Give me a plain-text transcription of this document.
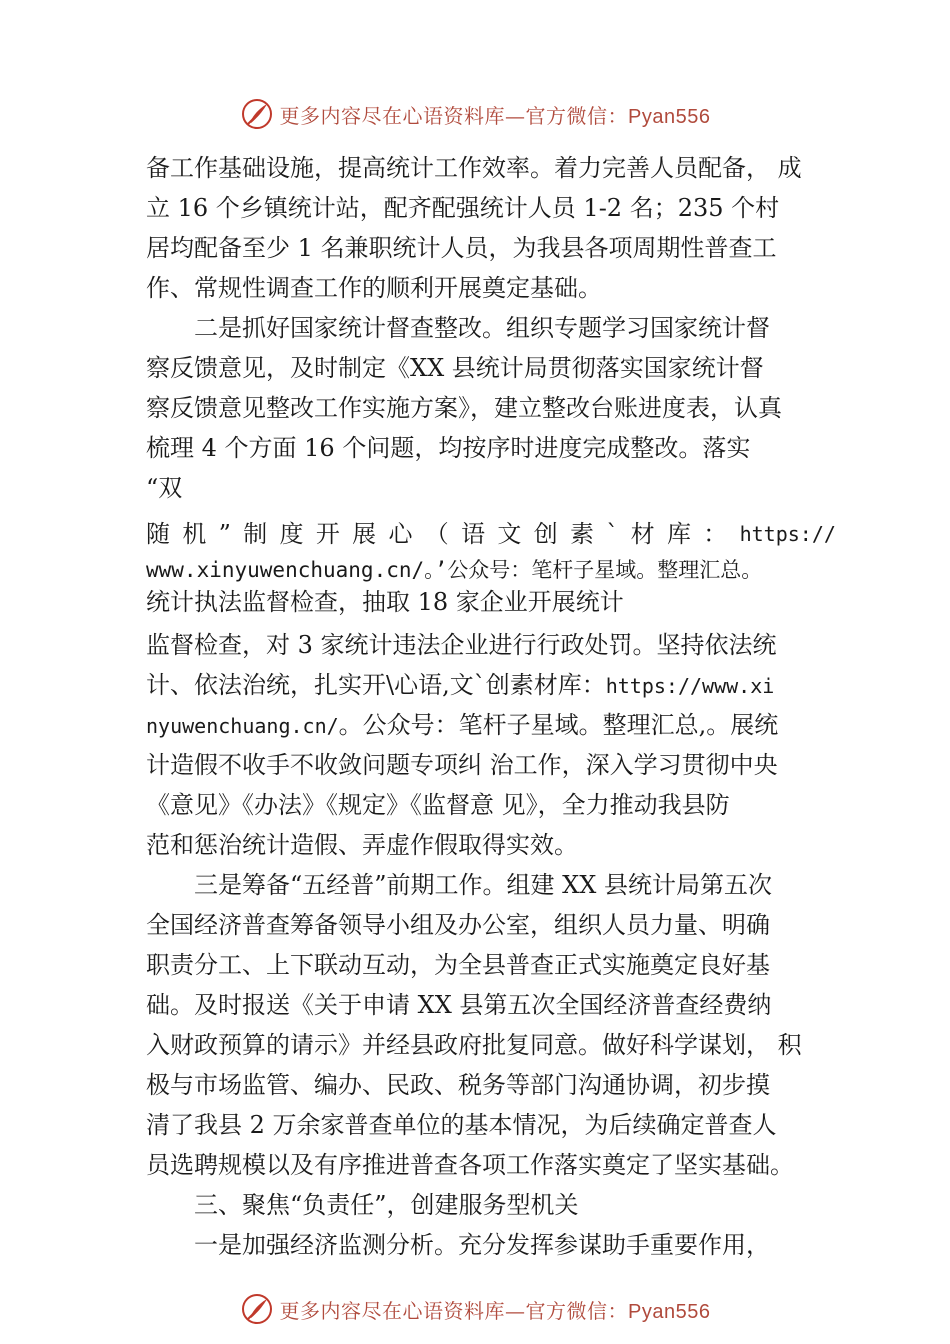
更多内容尽在心语资料库—官方微信：Pyan556
备工作基础设施，提高统计工作效率。着力完善人员配备， 成
立 16 个乡镇统计站，配齐配强统计人员 1-2 名；235 个村
居均配备至少 1 名兼职统计人员，为我县各项周期性普查工
作、常规性调查工作的顺利开展奠定基础。
二是抓好国家统计督查整改。组织专题学习国家统计督
察反馈意见，及时制定《XX 县统计局贯彻落实国家统计督
察反馈意见整改工作实施方案》，建立整改台账进度表，认真
梳理 4 个方面 16 个问题，均按序时进度完成整改。落实
“双
随 机 ” 制 度 开 展 心 （ 语 文 创 素 ` 材 库 ： https://
www.xinyuwenchuang.cn/。’公众号：笔杆子星域。整理汇总。
统计执法监督检查，抽取 18 家企业开展统计
监督检查，对 3 家统计违法企业进行行政处罚。坚持依法统
计、依法治统，扎实开\心语,文`创素材库：https://www.xi
nyuwenchuang.cn/。公众号：笔杆子星域。整理汇总,。展统
计造假不收手不收敛问题专项纠 治工作，深入学习贯彻中央
《意见》《办法》《规定》《监督意 见》，全力推动我县防
范和惩治统计造假、弄虚作假取得实效。
三是筹备“五经普”前期工作。组建 XX 县统计局第五次
全国经济普查筹备领导小组及办公室，组织人员力量、明确
职责分工、上下联动互动，为全县普查正式实施奠定良好基
础。及时报送《关于申请 XX 县第五次全国经济普查经费纳
入财政预算的请示》并经县政府批复同意。做好科学谋划， 积
极与市场监管、编办、民政、税务等部门沟通协调，初步摸
清了我县 2 万余家普查单位的基本情况，为后续确定普查人
员选聘规模以及有序推进普查各项工作落实奠定了坚实基础。
三、聚焦“负责任”，创建服务型机关
一是加强经济监测分析。充分发挥参谋助手重要作用，
更多内容尽在心语资料库—官方微信：Pyan556
